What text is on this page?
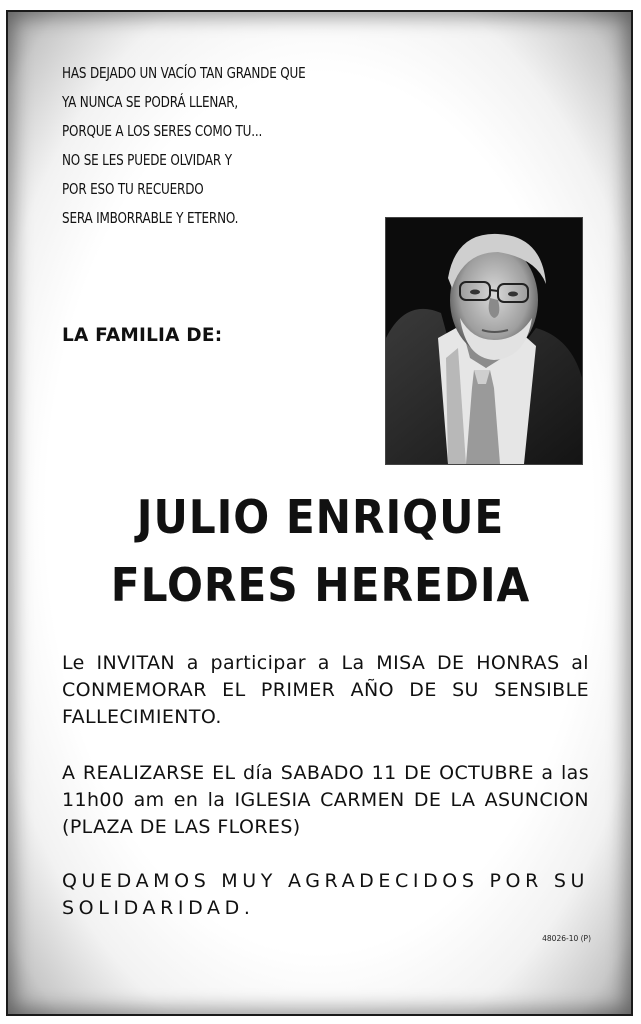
HAS DEJADO UN VACÍO TAN GRANDE QUE
YA NUNCA SE PODRÁ LLENAR,
PORQUE A LOS SERES COMO TU...
NO SE LES PUEDE OLVIDAR Y
POR ESO TU RECUERDO
SERA IMBORRABLE Y ETERNO.
LA FAMILIA DE:
JULIO ENRIQUE
FLORES HEREDIA
Le INVITAN a participar a La MISA DE HONRAS al CONMEMORAR EL PRIMER AÑO DE SU SENSIBLE FALLECIMIENTO.
A REALIZARSE EL día SABADO 11 DE OCTUBRE a las 11h00 am en la IGLESIA CARMEN DE LA ASUNCION (PLAZA DE LAS FLORES)
QUEDAMOS MUY AGRADECIDOS POR SU SOLIDARIDAD.
48026-10 (P)
